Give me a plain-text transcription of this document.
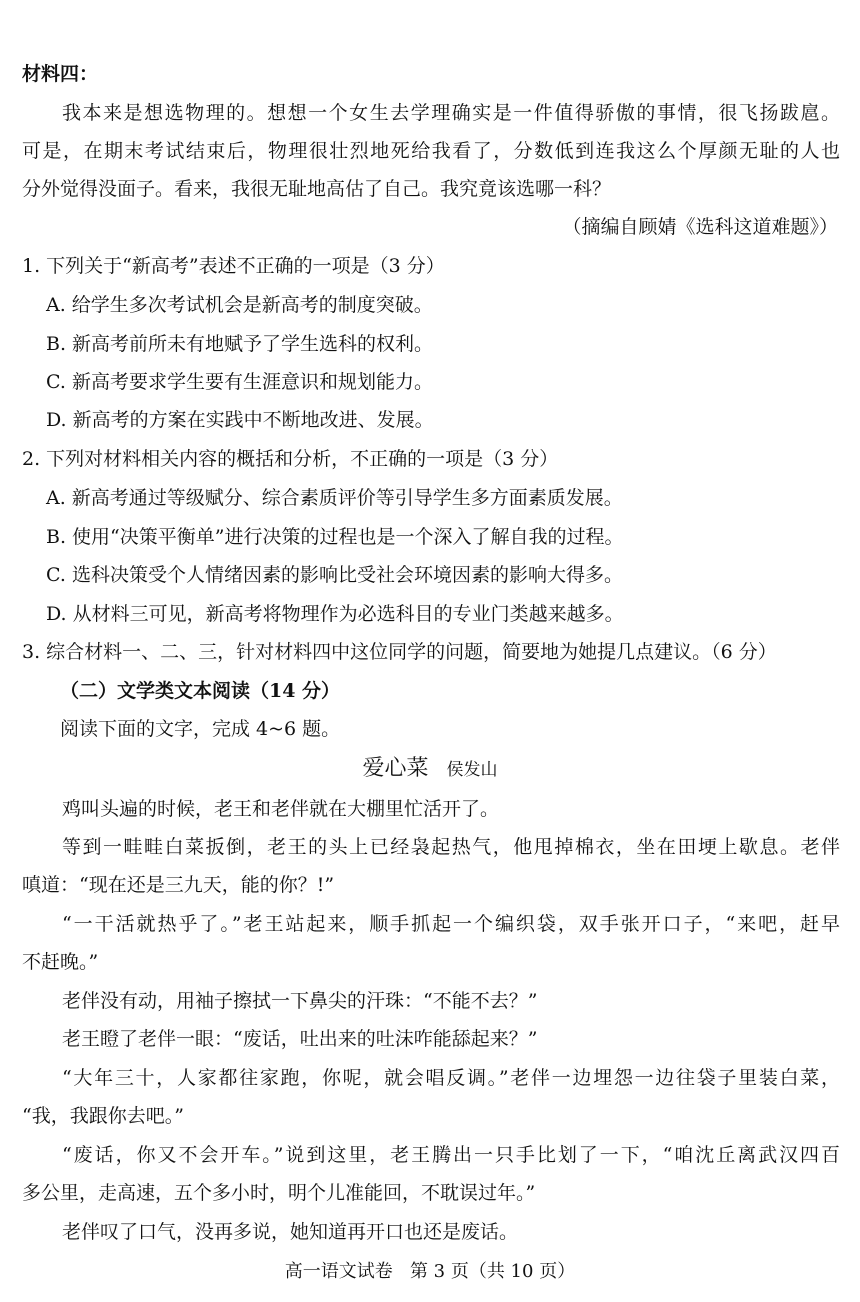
材料四：
我本来是想选物理的。想想一个女生去学理确实是一件值得骄傲的事情，很飞扬跋扈。
可是，在期末考试结束后，物理很壮烈地死给我看了，分数低到连我这么个厚颜无耻的人也
分外觉得没面子。看来，我很无耻地高估了自己。我究竟该选哪一科？
（摘编自顾婧《选科这道难题》）
1. 下列关于“新高考”表述不正确的一项是（3 分）
A. 给学生多次考试机会是新高考的制度突破。
B. 新高考前所未有地赋予了学生选科的权利。
C. 新高考要求学生要有生涯意识和规划能力。
D. 新高考的方案在实践中不断地改进、发展。
2. 下列对材料相关内容的概括和分析，不正确的一项是（3 分）
A. 新高考通过等级赋分、综合素质评价等引导学生多方面素质发展。
B. 使用“决策平衡单”进行决策的过程也是一个深入了解自我的过程。
C. 选科决策受个人情绪因素的影响比受社会环境因素的影响大得多。
D. 从材料三可见，新高考将物理作为必选科目的专业门类越来越多。
3. 综合材料一、二、三，针对材料四中这位同学的问题，简要地为她提几点建议。（6 分）
（二）文学类文本阅读（14 分）
阅读下面的文字，完成 4~6 题。
爱心菜 侯发山
鸡叫头遍的时候，老王和老伴就在大棚里忙活开了。
等到一畦畦白菜扳倒，老王的头上已经袅起热气，他甩掉棉衣，坐在田埂上歇息。老伴
嗔道：“现在还是三九天，能的你？!”
“一干活就热乎了。”老王站起来，顺手抓起一个编织袋，双手张开口子，“来吧，赶早
不赶晚。”
老伴没有动，用袖子擦拭一下鼻尖的汗珠：“不能不去？”
老王瞪了老伴一眼：“废话，吐出来的吐沫咋能舔起来？”
“大年三十，人家都往家跑，你呢，就会唱反调。”老伴一边埋怨一边往袋子里装白菜，
“我，我跟你去吧。”
“废话，你又不会开车。”说到这里，老王腾出一只手比划了一下，“咱沈丘离武汉四百
多公里，走高速，五个多小时，明个儿准能回，不耽误过年。”
老伴叹了口气，没再多说，她知道再开口也还是废话。
高一语文试卷   第 3 页（共 10 页）
